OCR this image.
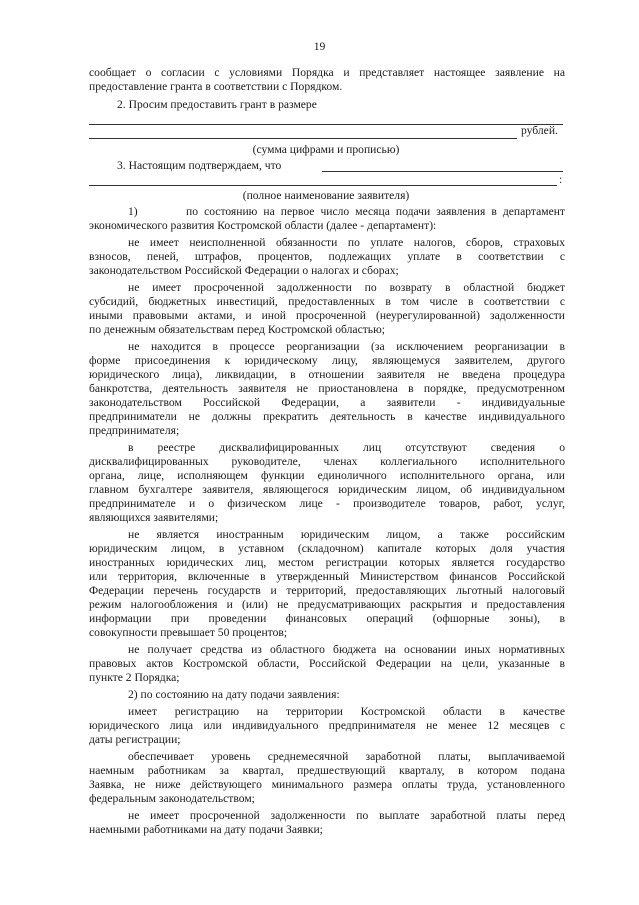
19
сообщает о согласии с условиями Порядка и представляет настоящее заявление на
предоставление гранта в соответствии с Порядком.
2. Просим предоставить грант в размере
рублей.
(сумма цифрами и прописью)
3. Настоящим подтверждаем, что
:
(полное наименование заявителя)
1)        по состоянию на первое число месяца подачи заявления в департамент
экономического развития Костромской области (далее - департамент):
не имеет неисполненной обязанности по уплате налогов, сборов, страховых
взносов, пеней, штрафов, процентов, подлежащих уплате в соответствии с
законодательством Российской Федерации о налогах и сборах;
не имеет просроченной задолженности по возврату в областной бюджет
субсидий, бюджетных инвестиций, предоставленных в том числе в соответствии с
иными правовыми актами, и иной просроченной (неурегулированной) задолженности
по денежным обязательствам перед Костромской областью;
не находится в процессе реорганизации (за исключением реорганизации в
форме присоединения к юридическому лицу, являющемуся заявителем, другого
юридического лица), ликвидации, в отношении заявителя не введена процедура
банкротства, деятельность заявителя не приостановлена в порядке, предусмотренном
законодательством Российской Федерации, а заявители - индивидуальные
предприниматели не должны прекратить деятельность в качестве индивидуального
предпринимателя;
в реестре дисквалифицированных лиц отсутствуют сведения о
дисквалифицированных руководителе, членах коллегиального исполнительного
органа, лице, исполняющем функции единоличного исполнительного органа, или
главном бухгалтере заявителя, являющегося юридическим лицом, об индивидуальном
предпринимателе и о физическом лице - производителе товаров, работ, услуг,
являющихся заявителями;
не является иностранным юридическим лицом, а также российским
юридическим лицом, в уставном (складочном) капитале которых доля участия
иностранных юридических лиц, местом регистрации которых является государство
или территория, включенные в утвержденный Министерством финансов Российской
Федерации перечень государств и территорий, предоставляющих льготный налоговый
режим налогообложения и (или) не предусматривающих раскрытия и предоставления
информации при проведении финансовых операций (офшорные зоны), в
совокупности превышает 50 процентов;
не получает средства из областного бюджета на основании иных нормативных
правовых актов Костромской области, Российской Федерации на цели, указанные в
пункте 2 Порядка;
2) по состоянию на дату подачи заявления:
имеет регистрацию на территории Костромской области в качестве
юридического лица или индивидуального предпринимателя не менее 12 месяцев с
даты регистрации;
обеспечивает уровень среднемесячной заработной платы, выплачиваемой
наемным работникам за квартал, предшествующий кварталу, в котором подана
Заявка, не ниже действующего минимального размера оплаты труда, установленного
федеральным законодательством;
не имеет просроченной задолженности по выплате заработной платы перед
наемными работниками на дату подачи Заявки;
